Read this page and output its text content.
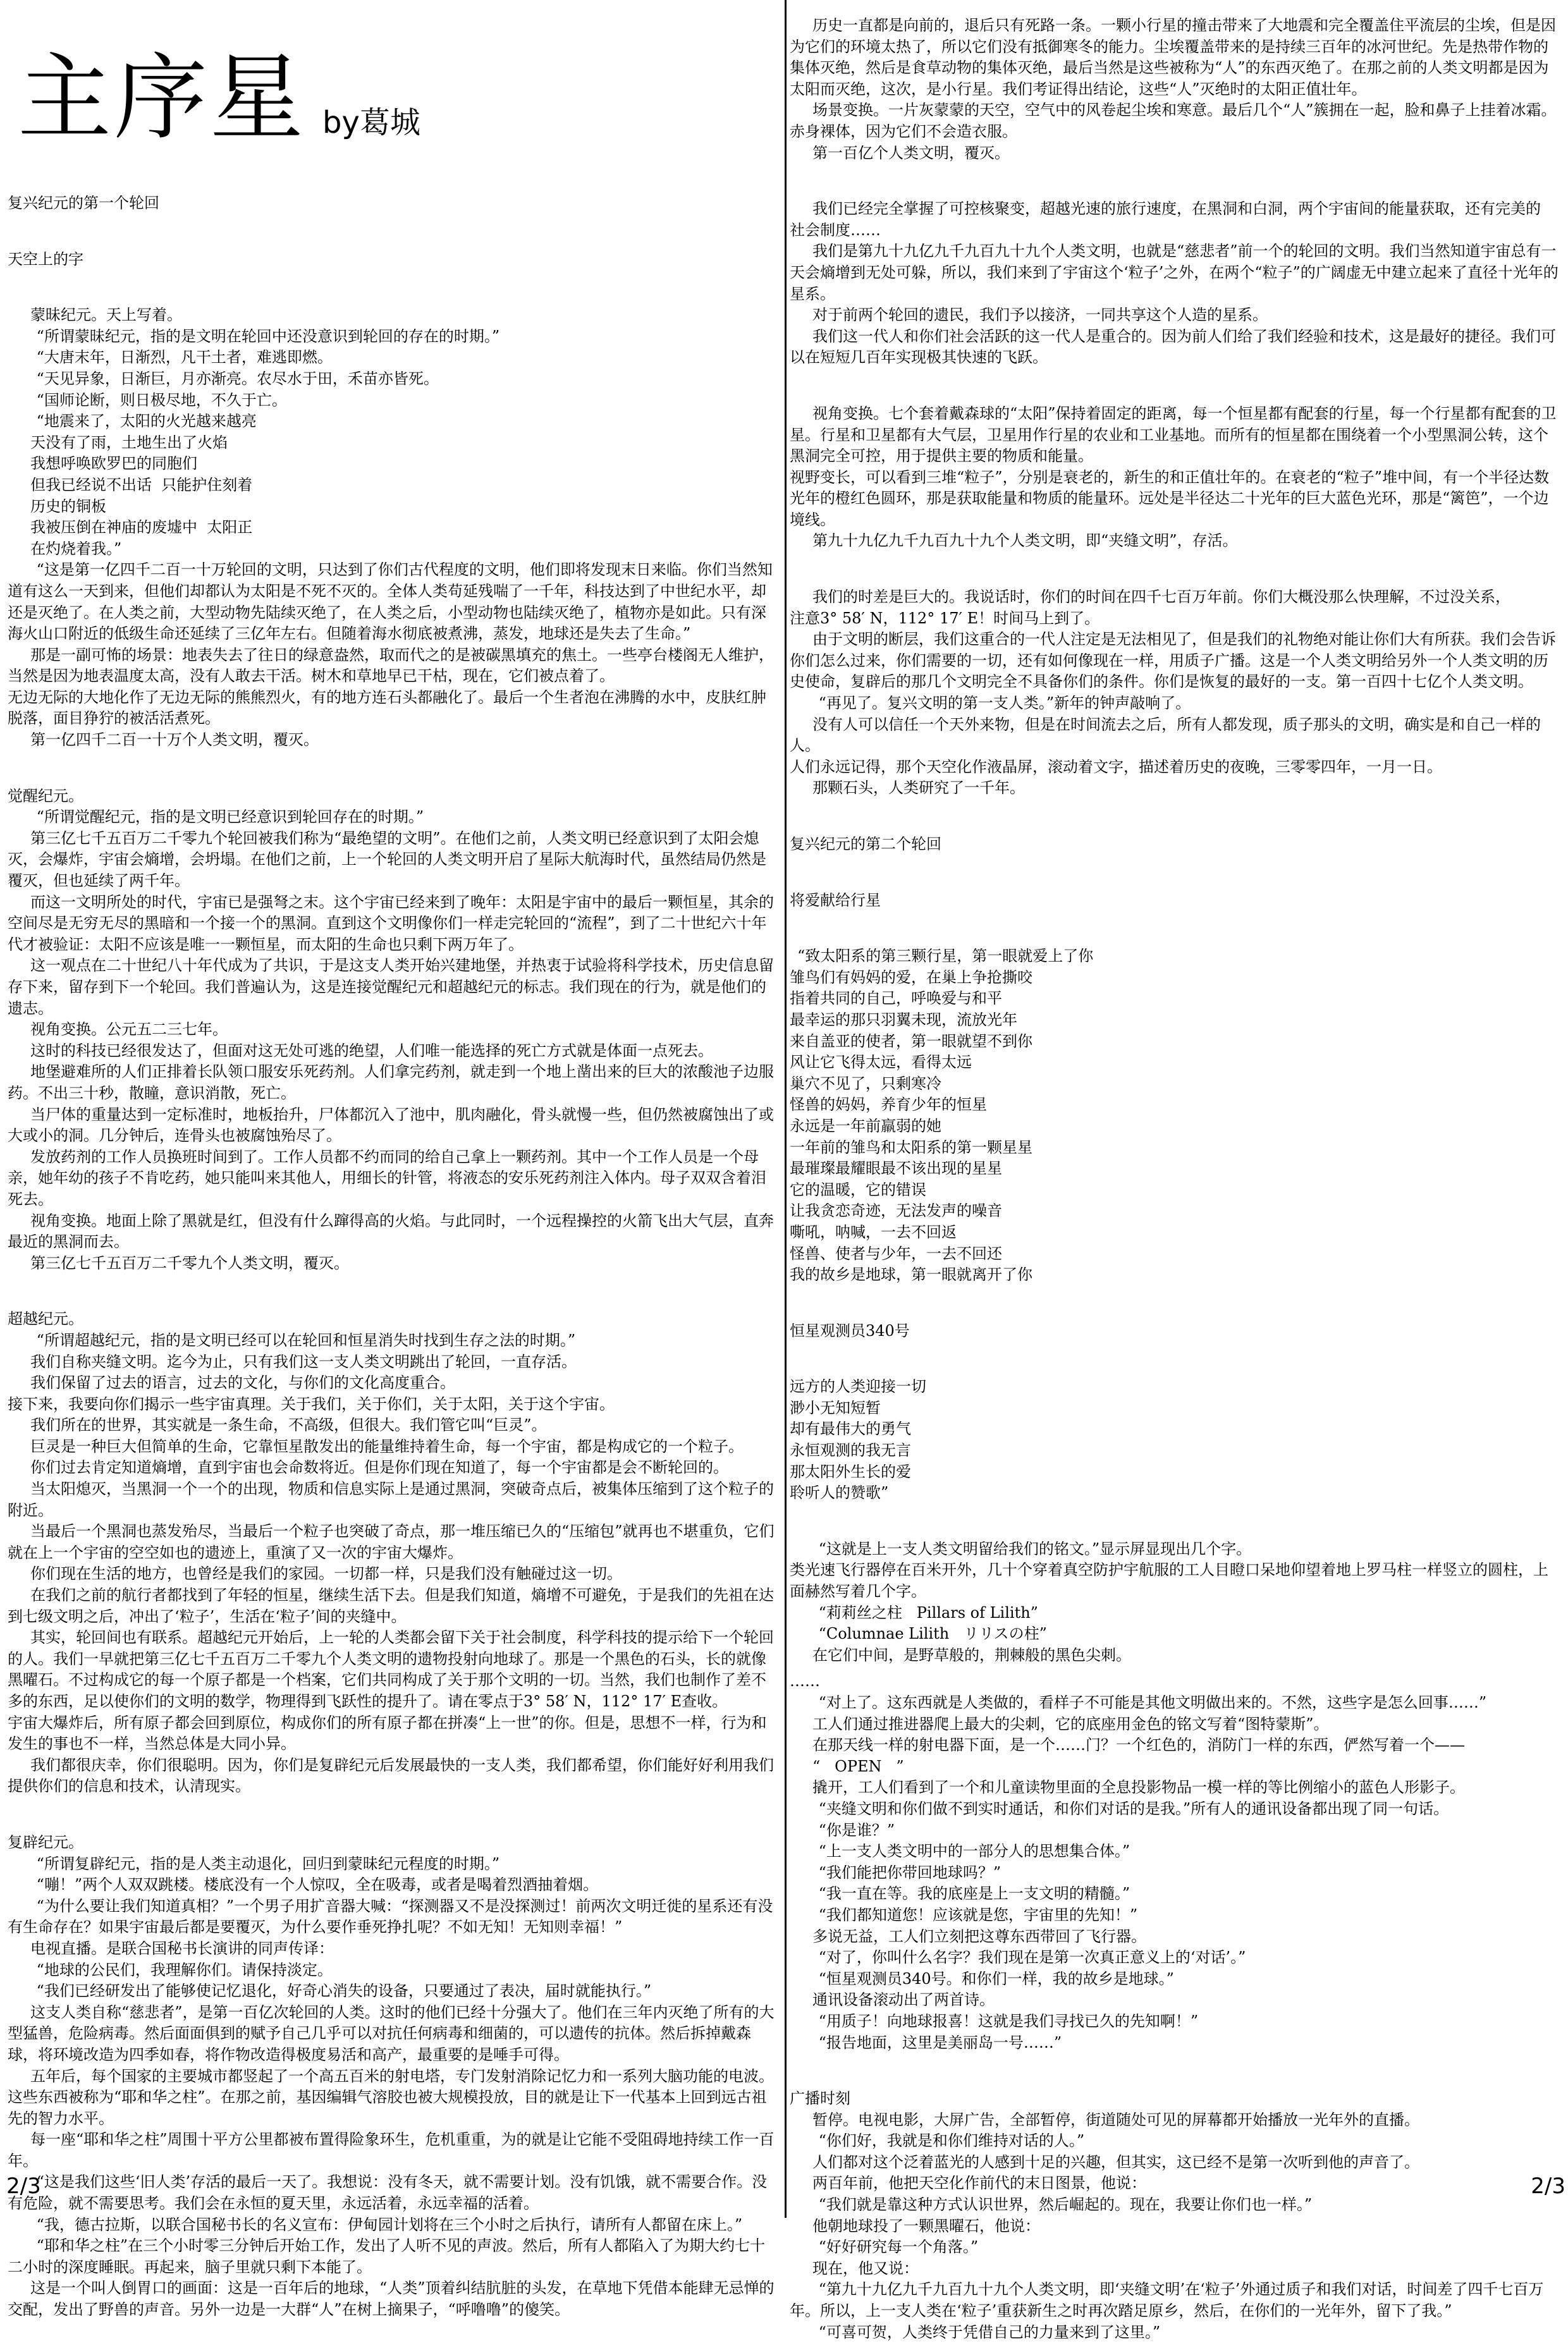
主序星 by葛城

复兴纪元的第一个轮回

天空上的字

蒙昧纪元。天上写着。

“所谓蒙昧纪元，指的是文明在轮回中还没意识到轮回的存在的时期。”

“大唐末年，日渐烈，凡干土者，难逃即燃。

“天见异象，日渐巨，月亦渐亮。农尽水于田，禾苗亦皆死。

“国师论断，则日极尽地，不久于亡。

“地震来了，太阳的火光越来越亮

天没有了雨，土地生出了火焰

我想呼唤欧罗巴的同胞们

但我已经说不出话  只能护住刻着

历史的铜板

我被压倒在神庙的废墟中  太阳正

在灼烧着我。”

“这是第一亿四千二百一十万轮回的文明，只达到了你们古代程度的文明，他们即将发现末日来临。你们当然知道有这么一天到来，但他们却都认为太阳是不死不灭的。全体人类苟延残喘了一千年，科技达到了中世纪水平，却还是灭绝了。在人类之前，大型动物先陆续灭绝了，在人类之后，小型动物也陆续灭绝了，植物亦是如此。只有深海火山口附近的低级生命还延续了三亿年左右。但随着海水彻底被煮沸，蒸发，地球还是失去了生命。”

那是一副可怖的场景：地表失去了往日的绿意盎然，取而代之的是被碳黑填充的焦土。一些亭台楼阁无人维护，当然是因为地表温度太高，没有人敢去干活。树木和草地早已干枯，现在，它们被点着了。

无边无际的大地化作了无边无际的熊熊烈火，有的地方连石头都融化了。最后一个生者泡在沸腾的水中，皮肤红肿脱落，面目狰狞的被活活煮死。

第一亿四千二百一十万个人类文明，覆灭。

觉醒纪元。

“所谓觉醒纪元，指的是文明已经意识到轮回存在的时期。”

第三亿七千五百万二千零九个轮回被我们称为“最绝望的文明”。在他们之前，人类文明已经意识到了太阳会熄灭，会爆炸，宇宙会熵增，会坍塌。在他们之前，上一个轮回的人类文明开启了星际大航海时代，虽然结局仍然是覆灭，但也延续了两千年。

而这一文明所处的时代，宇宙已是强弩之末。这个宇宙已经来到了晚年：太阳是宇宙中的最后一颗恒星，其余的空间尽是无穷无尽的黑暗和一个接一个的黑洞。直到这个文明像你们一样走完轮回的“流程”，到了二十世纪六十年代才被验证：太阳不应该是唯一一颗恒星，而太阳的生命也只剩下两万年了。

这一观点在二十世纪八十年代成为了共识，于是这支人类开始兴建地堡，并热衷于试验将科学技术，历史信息留存下来，留存到下一个轮回。我们普遍认为，这是连接觉醒纪元和超越纪元的标志。我们现在的行为，就是他们的遗志。

视角变换。公元五二三七年。

这时的科技已经很发达了，但面对这无处可逃的绝望，人们唯一能选择的死亡方式就是体面一点死去。

地堡避难所的人们正排着长队领口服安乐死药剂。人们拿完药剂，就走到一个地上凿出来的巨大的浓酸池子边服药。不出三十秒，散瞳，意识消散，死亡。

当尸体的重量达到一定标准时，地板抬升，尸体都沉入了池中，肌肉融化，骨头就慢一些，但仍然被腐蚀出了或大或小的洞。几分钟后，连骨头也被腐蚀殆尽了。

发放药剂的工作人员换班时间到了。工作人员都不约而同的给自己拿上一颗药剂。其中一个工作人员是一个母亲，她年幼的孩子不肯吃药，她只能叫来其他人，用细长的针管，将液态的安乐死药剂注入体内。母子双双含着泪死去。

视角变换。地面上除了黑就是红，但没有什么蹿得高的火焰。与此同时，一个远程操控的火箭飞出大气层，直奔最近的黑洞而去。

第三亿七千五百万二千零九个人类文明，覆灭。

超越纪元。

“所谓超越纪元，指的是文明已经可以在轮回和恒星消失时找到生存之法的时期。”

我们自称夹缝文明。迄今为止，只有我们这一支人类文明跳出了轮回，一直存活。

我们保留了过去的语言，过去的文化，与你们的文化高度重合。

接下来，我要向你们揭示一些宇宙真理。关于我们，关于你们，关于太阳，关于这个宇宙。

我们所在的世界，其实就是一条生命，不高级，但很大。我们管它叫“巨灵”。

巨灵是一种巨大但简单的生命，它靠恒星散发出的能量维持着生命，每一个宇宙，都是构成它的一个粒子。

你们过去肯定知道熵增，直到宇宙也会命数将近。但是你们现在知道了，每一个宇宙都是会不断轮回的。

当太阳熄灭，当黑洞一个一个的出现，物质和信息实际上是通过黑洞，突破奇点后，被集体压缩到了这个粒子的附近。

当最后一个黑洞也蒸发殆尽，当最后一个粒子也突破了奇点，那一堆压缩已久的“压缩包”就再也不堪重负，它们就在上一个宇宙的空空如也的遗迹上，重演了又一次的宇宙大爆炸。

你们现在生活的地方，也曾经是我们的家园。一切都一样，只是我们没有触碰过这一切。

在我们之前的航行者都找到了年轻的恒星，继续生活下去。但是我们知道，熵增不可避免，于是我们的先祖在达到七级文明之后，冲出了‘粒子’，生活在‘粒子’间的夹缝中。

其实，轮回间也有联系。超越纪元开始后，上一轮的人类都会留下关于社会制度，科学科技的提示给下一个轮回的人。我们一早就把第三亿七千五百万二千零九个人类文明的遗物投射向地球了。那是一个黑色的石头，长的就像黑曜石。不过构成它的每一个原子都是一个档案，它们共同构成了关于那个文明的一切。当然，我们也制作了差不多的东西，足以使你们的文明的数学，物理得到飞跃性的提升了。请在零点于3° 58′ N，112° 17′ E查收。

宇宙大爆炸后，所有原子都会回到原位，构成你们的所有原子都在拼凑“上一世”的你。但是，思想不一样，行为和发生的事也不一样，当然总体是大同小异。

我们都很庆幸，你们很聪明。因为，你们是复辟纪元后发展最快的一支人类，我们都希望，你们能好好利用我们提供你们的信息和技术，认清现实。

复辟纪元。

“所谓复辟纪元，指的是人类主动退化，回归到蒙昧纪元程度的时期。”

“嘣！”两个人双双跳楼。楼底没有一个人惊叹，全在吸毒，或者是喝着烈酒抽着烟。

“为什么要让我们知道真相？”一个男子用扩音器大喊：“探测器又不是没探测过！前两次文明迁徙的星系还有没有生命存在？如果宇宙最后都是要覆灭，为什么要作垂死挣扎呢？不如无知！无知则幸福！”

电视直播。是联合国秘书长演讲的同声传译：

“地球的公民们，我理解你们。请保持淡定。

“我们已经研发出了能够使记忆退化，好奇心消失的设备，只要通过了表决，届时就能执行。”

这支人类自称“慈悲者”，是第一百亿次轮回的人类。这时的他们已经十分强大了。他们在三年内灭绝了所有的大型猛兽，危险病毒。然后面面俱到的赋予自己几乎可以对抗任何病毒和细菌的，可以遗传的抗体。然后拆掉戴森球，将环境改造为四季如春，将作物改造得极度易活和高产，最重要的是唾手可得。

五年后，每个国家的主要城市都竖起了一个高五百米的射电塔，专门发射消除记忆力和一系列大脑功能的电波。这些东西被称为“耶和华之柱”。在那之前，基因编辑气溶胶也被大规模投放，目的就是让下一代基本上回到远古祖先的智力水平。

每一座“耶和华之柱”周围十平方公里都被布置得险象环生，危机重重，为的就是让它能不受阻碍地持续工作一百年。

“这是我们这些‘旧人类’存活的最后一天了。我想说：没有冬天，就不需要计划。没有饥饿，就不需要合作。没有危险，就不需要思考。我们会在永恒的夏天里，永远活着，永远幸福的活着。

“我，德古拉斯，以联合国秘书长的名义宣布：伊甸园计划将在三个小时之后执行，请所有人都留在床上。”

“耶和华之柱”在三个小时零三分钟后开始工作，发出了人听不见的声波。然后，所有人都陷入了为期大约七十二小时的深度睡眠。再起来，脑子里就只剩下本能了。

这是一个叫人倒胃口的画面：这是一百年后的地球，“人类”顶着纠结肮脏的头发，在草地下凭借本能肆无忌惮的交配，发出了野兽的声音。另外一边是一大群“人”在树上摘果子，“呼噜噜”的傻笑。

2/3

历史一直都是向前的，退后只有死路一条。一颗小行星的撞击带来了大地震和完全覆盖住平流层的尘埃，但是因为它们的环境太热了，所以它们没有抵御寒冬的能力。尘埃覆盖带来的是持续三百年的冰河世纪。先是热带作物的集体灭绝，然后是食草动物的集体灭绝，最后当然是这些被称为“人”的东西灭绝了。在那之前的人类文明都是因为太阳而灭绝，这次，是小行星。我们考证得出结论，这些“人”灭绝时的太阳正值壮年。

场景变换。一片灰蒙蒙的天空，空气中的风卷起尘埃和寒意。最后几个“人”簇拥在一起，脸和鼻子上挂着冰霜。赤身裸体，因为它们不会造衣服。

第一百亿个人类文明，覆灭。

我们已经完全掌握了可控核聚变，超越光速的旅行速度，在黑洞和白洞，两个宇宙间的能量获取，还有完美的

社会制度……

我们是第九十九亿九千九百九十九个人类文明，也就是“慈悲者”前一个的轮回的文明。我们当然知道宇宙总有一天会熵增到无处可躲，所以，我们来到了宇宙这个‘粒子’之外，在两个“粒子”的广阔虚无中建立起来了直径十光年的星系。

对于前两个轮回的遗民，我们予以接济，一同共享这个人造的星系。

我们这一代人和你们社会活跃的这一代人是重合的。因为前人们给了我们经验和技术，这是最好的捷径。我们可以在短短几百年实现极其快速的飞跃。

视角变换。七个套着戴森球的“太阳”保持着固定的距离，每一个恒星都有配套的行星，每一个行星都有配套的卫星。行星和卫星都有大气层，卫星用作行星的农业和工业基地。而所有的恒星都在围绕着一个小型黑洞公转，这个黑洞完全可控，用于提供主要的物质和能量。

视野变长，可以看到三堆“粒子”，分别是衰老的，新生的和正值壮年的。在衰老的“粒子”堆中间，有一个半径达数光年的橙红色圆环，那是获取能量和物质的能量环。远处是半径达二十光年的巨大蓝色光环，那是“篱笆”，一个边境线。

第九十九亿九千九百九十九个人类文明，即“夹缝文明”，存活。

我们的时差是巨大的。我说话时，你们的时间在四千七百万年前。你们大概没那么快理解，不过没关系，

注意3° 58′ N，112° 17′ E！时间马上到了。

由于文明的断层，我们这重合的一代人注定是无法相见了，但是我们的礼物绝对能让你们大有所获。我们会告诉你们怎么过来，你们需要的一切，还有如何像现在一样，用质子广播。这是一个人类文明给另外一个人类文明的历史使命，复辟后的那几个文明完全不具备你们的条件。你们是恢复的最好的一支。第一百四十七亿个人类文明。

“再见了。复兴文明的第一支人类。”新年的钟声敲响了。

没有人可以信任一个天外来物，但是在时间流去之后，所有人都发现，质子那头的文明，确实是和自己一样的人。

人们永远记得，那个天空化作液晶屏，滚动着文字，描述着历史的夜晚，三零零四年，一月一日。

那颗石头，人类研究了一千年。

复兴纪元的第二个轮回

将爱献给行星

“致太阳系的第三颗行星，第一眼就爱上了你

雏鸟们有妈妈的爱，在巢上争抢撕咬

指着共同的自己，呼唤爱与和平

最幸运的那只羽翼未现，流放光年

来自盖亚的使者，第一眼就望不到你

风让它飞得太远，看得太远

巢穴不见了，只剩寒冷

怪兽的妈妈，养育少年的恒星

永远是一年前羸弱的她

一年前的雏鸟和太阳系的第一颗星星

最璀璨最耀眼最不该出现的星星

它的温暖，它的错误

让我贪恋奇迹，无法发声的噪音

嘶吼，呐喊，一去不回返

怪兽、使者与少年，一去不回还

我的故乡是地球，第一眼就离开了你

恒星观测员340号

远方的人类迎接一切

渺小无知短暂

却有最伟大的勇气

永恒观测的我无言

那太阳外生长的爱

聆听人的赞歌”

“这就是上一支人类文明留给我们的铭文。”显示屏显现出几个字。

类光速飞行器停在百米开外，几十个穿着真空防护宇航服的工人目瞪口呆地仰望着地上罗马柱一样竖立的圆柱，上面赫然写着几个字。

“莉莉丝之柱   Pillars of Lilith”

“Columnae Lilith   リリスの柱”

在它们中间，是野草般的，荆棘般的黑色尖刺。

……

“对上了。这东西就是人类做的，看样子不可能是其他文明做出来的。不然，这些字是怎么回事……”

工人们通过推进器爬上最大的尖刺，它的底座用金色的铭文写着“图特蒙斯”。

在那天线一样的射电器下面，是一个……门？一个红色的，消防门一样的东西，俨然写着一个——

“   OPEN   ”

撬开，工人们看到了一个和儿童读物里面的全息投影物品一模一样的等比例缩小的蓝色人形影子。

“夹缝文明和你们做不到实时通话，和你们对话的是我。”所有人的通讯设备都出现了同一句话。

“你是谁？”

“上一支人类文明中的一部分人的思想集合体。”

“我们能把你带回地球吗？”

“我一直在等。我的底座是上一支文明的精髓。”

“我们都知道您！应该就是您，宇宙里的先知！”

多说无益，工人们立刻把这尊东西带回了飞行器。

“对了，你叫什么名字？我们现在是第一次真正意义上的‘对话’。”

“恒星观测员340号。和你们一样，我的故乡是地球。”

通讯设备滚动出了两首诗。

“用质子！向地球报喜！这就是我们寻找已久的先知啊！”

“报告地面，这里是美丽岛一号……”

广播时刻

暂停。电视电影，大屏广告，全部暂停，街道随处可见的屏幕都开始播放一光年外的直播。

“你们好，我就是和你们维持对话的人。”

人们都对这个泛着蓝光的人感到十足的兴趣，但其实，这已经不是第一次听到他的声音了。

两百年前，他把天空化作前代的末日图景，他说：

“我们就是靠这种方式认识世界，然后崛起的。现在，我要让你们也一样。”

他朝地球投了一颗黑曜石，他说：

“好好研究每一个角落。”

现在，他又说：

“第九十九亿九千九百九十九个人类文明，即‘夹缝文明’在‘粒子’外通过质子和我们对话，时间差了四千七百万年。所以，上一支人类在‘粒子’重获新生之时再次踏足原乡，然后，在你们的一光年外，留下了我。”

“可喜可贺，人类终于凭借自己的力量来到了这里。”

2/3
